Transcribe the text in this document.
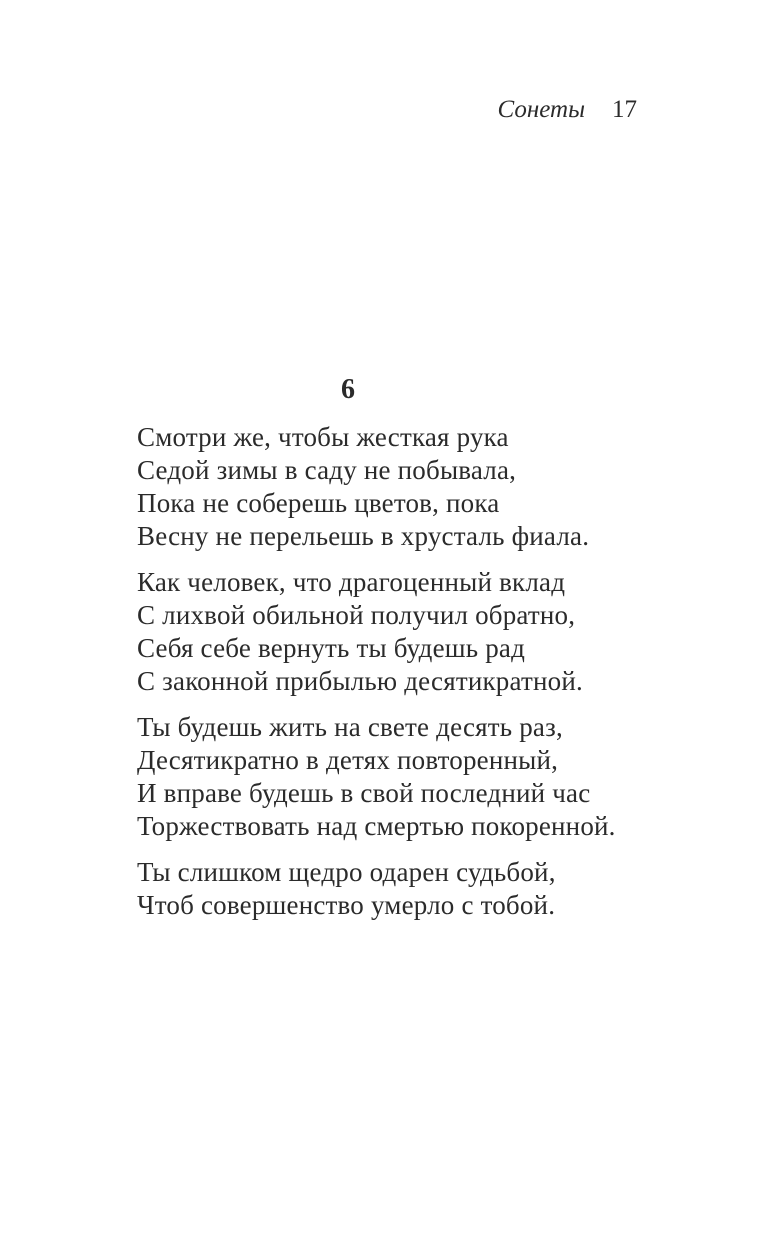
Сонеты 17
6

Смотри же, чтобы жесткая рука

Седой зимы в саду не побывала,

Пока не соберешь цветов, пока

Весну не перельешь в хрусталь фиала.

Как человек, что драгоценный вклад

С лихвой обильной получил обратно,

Себя себе вернуть ты будешь рад

С законной прибылью десятикратной.

Ты будешь жить на свете десять раз,

Десятикратно в детях повторенный,

И вправе будешь в свой последний час

Торжествовать над смертью покоренной.

Ты слишком щедро одарен судьбой,

Чтоб совершенство умерло с тобой.
